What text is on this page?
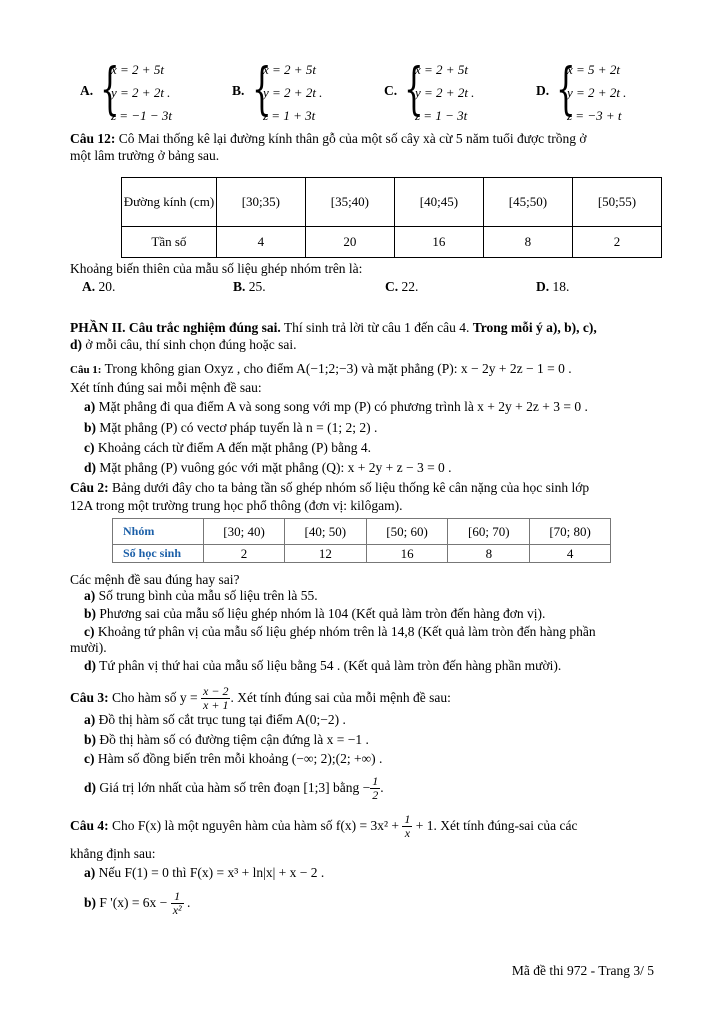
A. {
x = 2 + 5t
y = 2 + 2t .
z = −1 − 3t
B. {
x = 2 + 5t
y = 2 + 2t .
z = 1 + 3t
C. {
x = 2 + 5t
y = 2 + 2t .
z = 1 − 3t
D. {
x = 5 + 2t
y = 2 + 2t .
z = −3 + t
Câu 12: Cô Mai thống kê lại đường kính thân gỗ của một số cây xà cừ 5 năm tuổi được trồng ở
một lâm trường ở bảng sau.
Đường kính (cm)	[30;35)	[35;40)	[40;45)	[45;50)	[50;55)
Tần số	4	20	16	8	2
Khoảng biến thiên của mẫu số liệu ghép nhóm trên là:
A. 20.	B. 25.	C. 22.	D. 18.
PHẦN II. Câu trắc nghiệm đúng sai. Thí sinh trả lời từ câu 1 đến câu 4. Trong mỗi ý a), b), c),
d) ở mỗi câu, thí sinh chọn đúng hoặc sai.
Câu 1: Trong không gian Oxyz , cho điểm A(−1;2;−3) và mặt phẳng (P): x − 2y + 2z − 1 = 0 .
Xét tính đúng sai mỗi mệnh đề sau:
a) Mặt phẳng đi qua điểm A và song song với mp (P) có phương trình là x + 2y + 2z + 3 = 0 .
b) Mặt phẳng (P) có vectơ pháp tuyến là n = (1; 2; 2) .
c) Khoảng cách từ điểm A đến mặt phẳng (P) bằng 4.
d) Mặt phẳng (P) vuông góc với mặt phẳng (Q): x + 2y + z − 3 = 0 .
Câu 2: Bảng dưới đây cho ta bảng tần số ghép nhóm số liệu thống kê cân nặng của học sinh lớp
12A trong một trường trung học phổ thông (đơn vị: kilôgam).
Nhóm	[30; 40)	[40; 50)	[50; 60)	[60; 70)	[70; 80)
Số học sinh	2	12	16	8	4
Các mệnh đề sau đúng hay sai?
a) Số trung bình của mẫu số liệu trên là 55.
b) Phương sai của mẫu số liệu ghép nhóm là 104 (Kết quả làm tròn đến hàng đơn vị).
c) Khoảng tứ phân vị của mẫu số liệu ghép nhóm trên là 14,8 (Kết quả làm tròn đến hàng phần
mười).
d) Tứ phân vị thứ hai của mẫu số liệu bằng 54 . (Kết quả làm tròn đến hàng phần mười).
Câu 3: Cho hàm số $y = \frac{x - 2}{x + 1}$ . Xét tính đúng sai của mỗi mệnh đề sau:
a) Đồ thị hàm số cắt trục tung tại điểm A(0;−2) .
b) Đồ thị hàm số có đường tiệm cận đứng là x = −1 .
c) Hàm số đồng biến trên mỗi khoảng (−∞; 2);(2; +∞) .
d) Giá trị lớn nhất của hàm số trên đoạn [1;3] bằng − $\frac{1}{2}$ .
Câu 4: Cho F(x) là một nguyên hàm của hàm số $f(x) = 3x^2 + \frac{1}{x} + 1$. Xét tính đúng-sai của các
khẳng định sau:
a) Nếu F(1) = 0 thì F(x) = x³ + ln|x| + x − 2 .
b) F '$(x) = 6x - \frac{1}{\text{x²}}$ .
Mã đề thi 972 - Trang 3/ 5
